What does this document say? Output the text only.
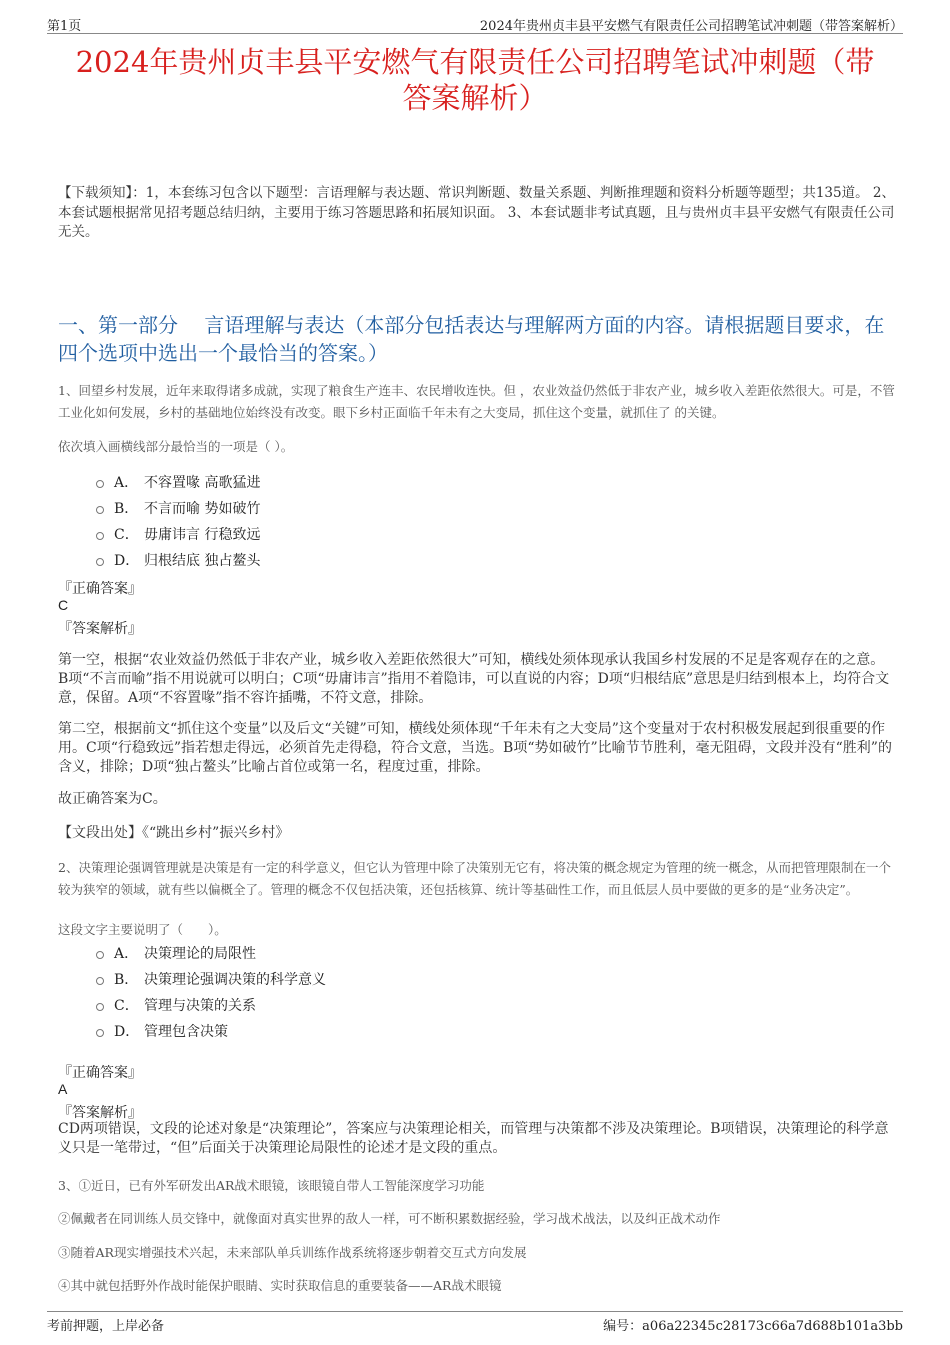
第1页	2024年贵州贞丰县平安燃气有限责任公司招聘笔试冲刺题（带答案解析）
2024年贵州贞丰县平安燃气有限责任公司招聘笔试冲刺题（带
答案解析）
【下载须知】：1，本套练习包含以下题型：言语理解与表达题、常识判断题、数量关系题、判断推理题和资料分析题等题型；共135道。 2、本套试题根据常见招考题总结归纳，主要用于练习答题思路和拓展知识面。 3、本套试题非考试真题，且与贵州贞丰县平安燃气有限责任公司无关。
一、第一部分　 言语理解与表达（本部分包括表达与理解两方面的内容。请根据题目要求，在四个选项中选出一个最恰当的答案。）
1、回望乡村发展，近年来取得诸多成就，实现了粮食生产连丰、农民增收连快。但 ，农业效益仍然低于非农产业，城乡收入差距依然很大。可是，不管工业化如何发展，乡村的基础地位始终没有改变。眼下乡村正面临千年未有之大变局，抓住这个变量，就抓住了 的关键。
依次填入画横线部分最恰当的一项是（ ）。
A． 不容置喙 高歌猛进
B． 不言而喻 势如破竹
C． 毋庸讳言 行稳致远
D． 归根结底 独占鳌头
『正确答案』
C
『答案解析』
第一空，根据“农业效益仍然低于非农产业，城乡收入差距依然很大”可知，横线处须体现承认我国乡村发展的不足是客观存在的之意。B项“不言而喻”指不用说就可以明白；C项“毋庸讳言”指用不着隐讳，可以直说的内容；D项“归根结底”意思是归结到根本上，均符合文意，保留。A项“不容置喙”指不容许插嘴，不符文意，排除。
第二空，根据前文“抓住这个变量”以及后文“关键”可知，横线处须体现“千年未有之大变局”这个变量对于农村积极发展起到很重要的作用。C项“行稳致远”指若想走得远，必须首先走得稳，符合文意，当选。B项“势如破竹”比喻节节胜利，毫无阻碍，文段并没有“胜利”的含义，排除；D项“独占鳌头”比喻占首位或第一名，程度过重，排除。
故正确答案为C。
【文段出处】《“跳出乡村”振兴乡村》
2、决策理论强调管理就是决策是有一定的科学意义，但它认为管理中除了决策别无它有，将决策的概念规定为管理的统一概念，从而把管理限制在一个较为狭窄的领域，就有些以偏概全了。管理的概念不仅包括决策，还包括核算、统计等基础性工作，而且低层人员中要做的更多的是“业务决定”。
这段文字主要说明了（　　）。
A． 决策理论的局限性
B． 决策理论强调决策的科学意义
C． 管理与决策的关系
D． 管理包含决策
『正确答案』
A
『答案解析』
CD两项错误，文段的论述对象是“决策理论”，答案应与决策理论相关，而管理与决策都不涉及决策理论。B项错误，决策理论的科学意义只是一笔带过，“但”后面关于决策理论局限性的论述才是文段的重点。
3、①近日，已有外军研发出AR战术眼镜，该眼镜自带人工智能深度学习功能
②佩戴者在同训练人员交锋中，就像面对真实世界的敌人一样，可不断积累数据经验，学习战术战法，以及纠正战术动作
③随着AR现实增强技术兴起，未来部队单兵训练作战系统将逐步朝着交互式方向发展
④其中就包括野外作战时能保护眼睛、实时获取信息的重要装备——AR战术眼镜
考前押题，上岸必备	编号：a06a22345c28173c66a7d688b101a3bb
